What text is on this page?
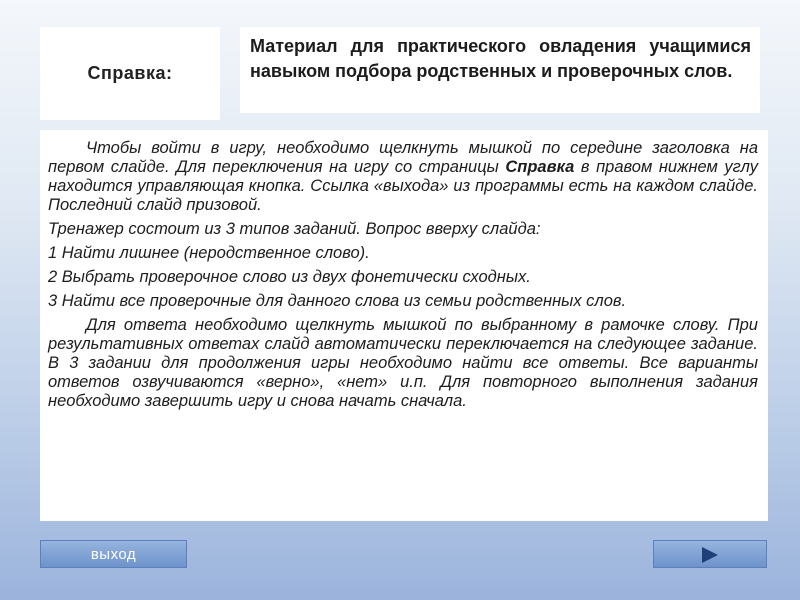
Справка:
Материал для практического овладения учащимися навыком подбора родственных и проверочных слов.

Чтобы войти в игру, необходимо щелкнуть мышкой по середине заголовка на первом слайде. Для переключения на игру со страницы Справка в правом нижнем углу находится управляющая кнопка. Ссылка «выхода» из программы есть на каждом слайде. Последний слайд призовой.

Тренажер состоит из 3 типов заданий. Вопрос вверху слайда:

1 Найти лишнее (неродственное слово).

2 Выбрать проверочное слово из двух фонетически сходных.

3 Найти все проверочные для данного слова из семьи родственных слов.

Для ответа необходимо щелкнуть мышкой по выбранному в рамочке слову. При результативных ответах слайд автоматически переключается на следующее задание. В 3 задании для продолжения игры необходимо найти все ответы. Все варианты ответов озвучиваются «верно», «нет» и.п. Для повторного выполнения задания необходимо завершить игру и снова начать сначала.

выход
